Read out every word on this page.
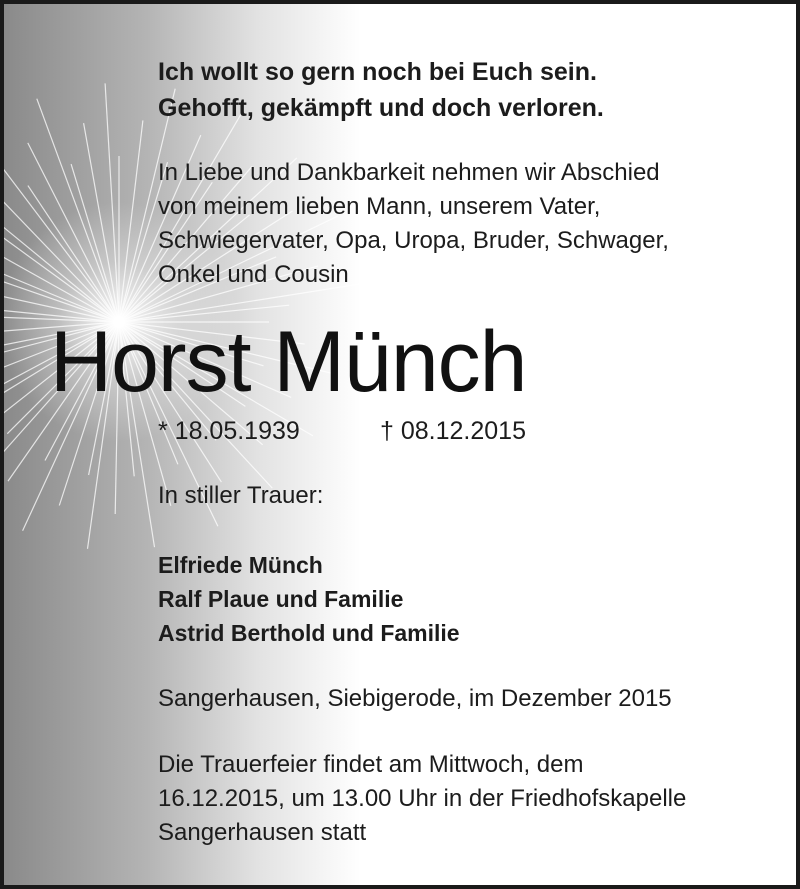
Ich wollt so gern noch bei Euch sein.
Gehofft, gekämpft und doch verloren.
In Liebe und Dankbarkeit nehmen wir Abschied
von meinem lieben Mann, unserem Vater,
Schwiegervater, Opa, Uropa, Bruder, Schwager,
Onkel und Cousin
Horst Münch
* 18.05.1939	† 08.12.2015
In stiller Trauer:
Elfriede Münch
Ralf Plaue und Familie
Astrid Berthold und Familie
Sangerhausen, Siebigerode, im Dezember 2015
Die Trauerfeier findet am Mittwoch, dem
16.12.2015, um 13.00 Uhr in der Friedhofskapelle
Sangerhausen statt
